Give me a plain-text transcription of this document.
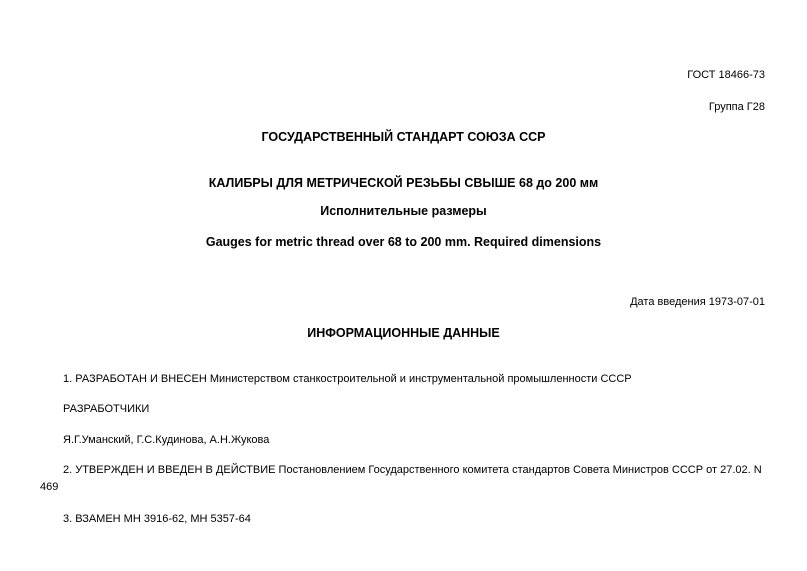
ГОСТ 18466-73
Группа Г28
ГОСУДАРСТВЕННЫЙ СТАНДАРТ СОЮЗА ССР
КАЛИБРЫ ДЛЯ МЕТРИЧЕСКОЙ РЕЗЬБЫ СВЫШЕ 68 до 200 мм
Исполнительные размеры
Gauges for metric thread over 68 to 200 mm. Required dimensions
Дата введения 1973-07-01
ИНФОРМАЦИОННЫЕ ДАННЫЕ
1. РАЗРАБОТАН И ВНЕСЕН Министерством станкостроительной и инструментальной промышленности СССР
РАЗРАБОТЧИКИ
Я.Г.Уманский, Г.С.Кудинова, А.Н.Жукова
2. УТВЕРЖДЕН И ВВЕДЕН В ДЕЙСТВИЕ Постановлением Государственного комитета стандартов Совета Министров СССР от 27.02. N 469
3. ВЗАМЕН МН 3916-62, МН 5357-64
